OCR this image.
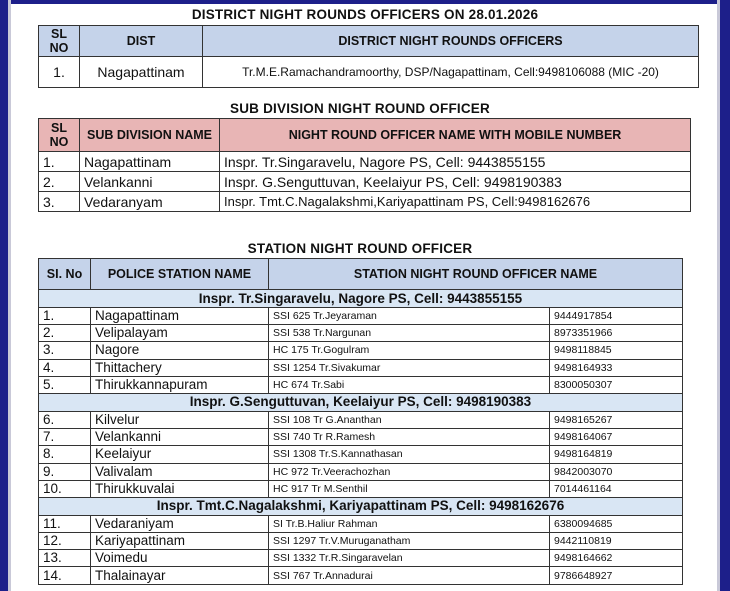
DISTRICT NIGHT ROUNDS OFFICERS ON 28.01.2026
SL NO	DIST	DISTRICT NIGHT ROUNDS OFFICERS
1.	Nagapattinam	Tr.M.E.Ramachandramoorthy, DSP/Nagapattinam, Cell:9498106088 (MIC -20)
SUB DIVISION NIGHT ROUND OFFICER
SL NO	SUB DIVISION NAME	NIGHT ROUND OFFICER NAME WITH MOBILE NUMBER
1.	Nagapattinam	Inspr. Tr.Singaravelu, Nagore PS, Cell: 9443855155
2.	Velankanni	Inspr. G.Senguttuvan, Keelaiyur PS, Cell: 9498190383
3.	Vedaranyam	Inspr. Tmt.C.Nagalakshmi,Kariyapattinam PS, Cell:9498162676
STATION NIGHT ROUND OFFICER
SI. No	POLICE STATION NAME	STATION NIGHT ROUND OFFICER NAME	
Inspr. Tr.Singaravelu, Nagore PS, Cell: 9443855155			
1.	Nagapattinam	SSI 625 Tr.Jeyaraman	9444917854
2.	Velipalayam	SSI 538 Tr.Nargunan	8973351966
3.	Nagore	HC 175 Tr.Gogulram	9498118845
4.	Thittachery	SSI 1254 Tr.Sivakumar	9498164933
5.	Thirukkannapuram	HC 674 Tr.Sabi	8300050307
Inspr. G.Senguttuvan, Keelaiyur PS, Cell: 9498190383			
6.	Kilvelur	SSI 108 Tr G.Ananthan	9498165267
7.	Velankanni	SSI 740 Tr R.Ramesh	9498164067
8.	Keelaiyur	SSI 1308 Tr.S.Kannathasan	9498164819
9.	Valivalam	HC 972 Tr.Veerachozhan	9842003070
10.	Thirukkuvalai	HC 917 Tr M.Senthil	7014461164
Inspr. Tmt.C.Nagalakshmi, Kariyapattinam PS, Cell: 9498162676			
11.	Vedaraniyam	SI Tr.B.Haliur Rahman	6380094685
12.	Kariyapattinam	SSI 1297 Tr.V.Muruganatham	9442110819
13.	Voimedu	SSI 1332 Tr.R.Singaravelan	9498164662
14.	Thalainayar	SSI 767 Tr.Annadurai	9786648927
